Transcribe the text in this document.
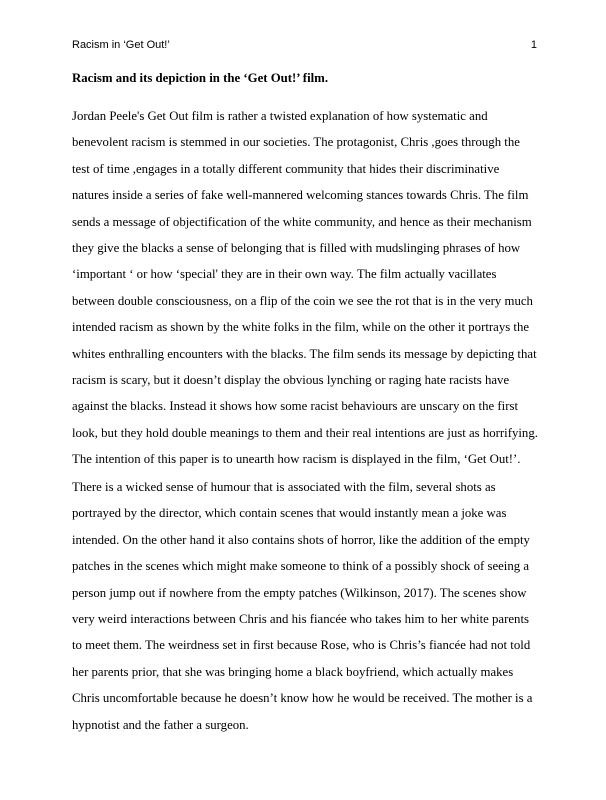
Racism in ‘Get Out!’	1
Racism and its depiction in the ‘Get Out!’ film.

Jordan Peele's Get Out film is rather a twisted explanation of how systematic and benevolent racism is stemmed in our societies. The protagonist, Chris ,goes through the test of time ,engages in a totally different community that hides their discriminative natures inside a series of fake well-mannered welcoming stances towards Chris. The film sends a message of objectification of the white community, and hence as their mechanism they give the blacks a sense of belonging that is filled with mudslinging phrases of how ‘important ‘ or how ‘special' they are in their own way. The film actually vacillates between double consciousness, on a flip of the coin we see the rot that is in the very much intended racism as shown by the white folks in the film, while on the other it portrays the whites enthralling encounters with the blacks. The film sends its message by depicting that racism is scary, but it doesn’t display the obvious lynching or raging hate racists have against the blacks. Instead it shows how some racist behaviours are unscary on the first look, but they hold double meanings to them and their real intentions are just as horrifying. The intention of this paper is to unearth how racism is displayed in the film, ‘Get Out!’.

There is a wicked sense of humour that is associated with the film, several shots as portrayed by the director, which contain scenes that would instantly mean a joke was intended. On the other hand it also contains shots of horror, like the addition of the empty patches in the scenes which might make someone to think of a possibly shock of seeing a person jump out if nowhere from the empty patches (Wilkinson, 2017). The scenes show very weird interactions between Chris and his fiancée who takes him to her white parents to meet them. The weirdness set in first because Rose, who is Chris’s fiancée had not told her parents prior, that she was bringing home a black boyfriend, which actually makes Chris uncomfortable because he doesn’t know how he would be received. The mother is a hypnotist and the father a surgeon.
